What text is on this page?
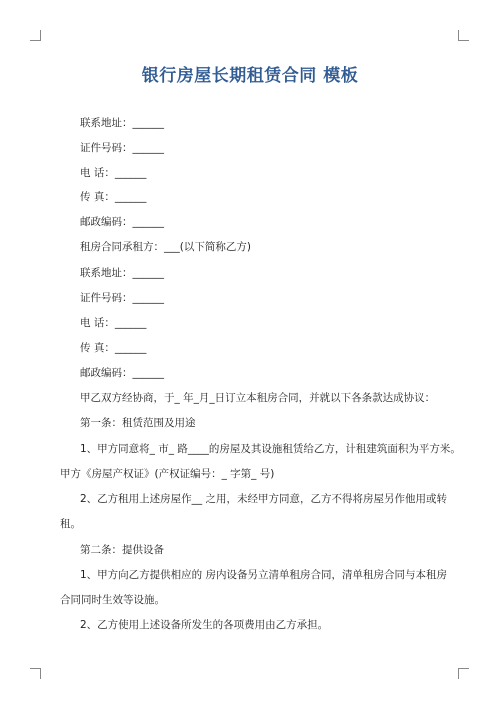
银行房屋长期租赁合同 模板
联系地址：______
证件号码：______
电 话：______
传 真：______
邮政编码：______
租房合同承租方：___(以下简称乙方)
联系地址：______
证件号码：______
电 话：______
传 真：______
邮政编码：______
甲乙双方经协商，于_ 年_月_日订立本租房合同，并就以下各条款达成协议：
第一条：租赁范围及用途
1、甲方同意将_ 市_ 路____的房屋及其设施租赁给乙方，计租建筑面积为平方米。
甲方《房屋产权证》(产权证编号：_ 字第_ 号)
2、乙方租用上述房屋作__ 之用，未经甲方同意，乙方不得将房屋另作他用或转
租。
第二条：提供设备
1、甲方向乙方提供相应的 房内设备另立清单租房合同，清单租房合同与本租房
合同同时生效等设施。
2、乙方使用上述设备所发生的各项费用由乙方承担。
